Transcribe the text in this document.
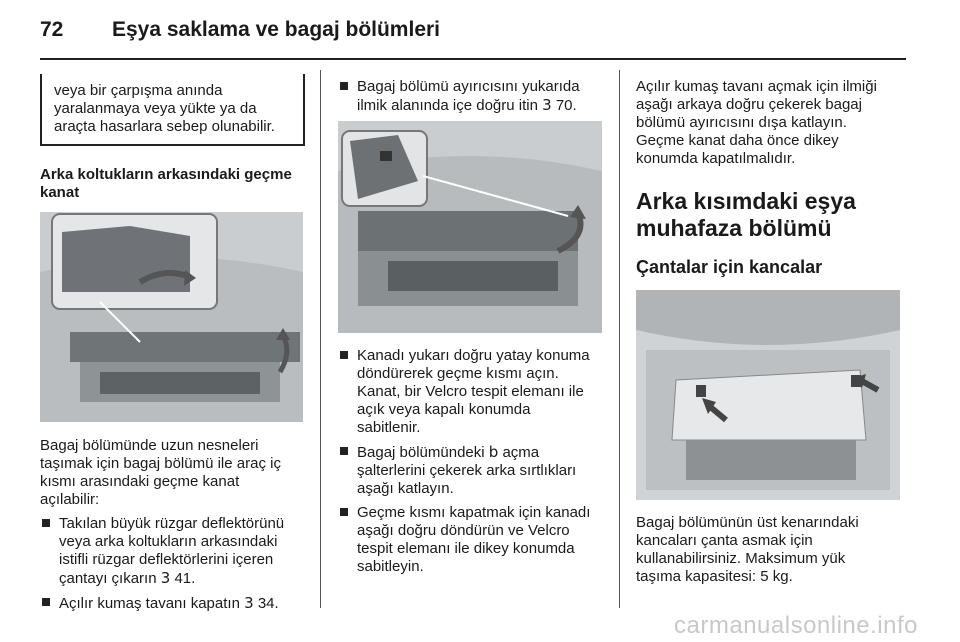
72 Eşya saklama ve bagaj bölümleri
veya bir çarpışma anında
yaralanmaya veya yükte ya da
araçta hasarlara sebep olunabilir.
Arka koltukların arkasındaki geçme
kanat
Bagaj bölümünde uzun nesneleri
taşımak için bagaj bölümü ile araç iç
kısmı arasındaki geçme kanat
açılabilir:
Takılan büyük rüzgar deflektörünü
veya arka koltukların arkasındaki
istifli rüzgar deflektörlerini içeren
çantayı çıkarın 3 41.
Açılır kumaş tavanı kapatın 3 34.
Bagaj bölümü ayırıcısını yukarıda
ilmik alanında içe doğru itin 3 70.
Kanadı yukarı doğru yatay konuma
döndürerek geçme kısmı açın.
Kanat, bir Velcro tespit elemanı ile
açık veya kapalı konumda
sabitlenir.
Bagaj bölümündeki b açma
şalterlerini çekerek arka sırtlıkları
aşağı katlayın.
Geçme kısmı kapatmak için kanadı
aşağı doğru döndürün ve Velcro
tespit elemanı ile dikey konumda
sabitleyin.
Açılır kumaş tavanı açmak için ilmiği
aşağı arkaya doğru çekerek bagaj
bölümü ayırıcısını dışa katlayın.
Geçme kanat daha önce dikey
konumda kapatılmalıdır.
Arka kısımdaki eşya
muhafaza bölümü
Çantalar için kancalar
Bagaj bölümünün üst kenarındaki
kancaları çanta asmak için
kullanabilirsiniz. Maksimum yük
taşıma kapasitesi: 5 kg.
carmanualsonline.info
